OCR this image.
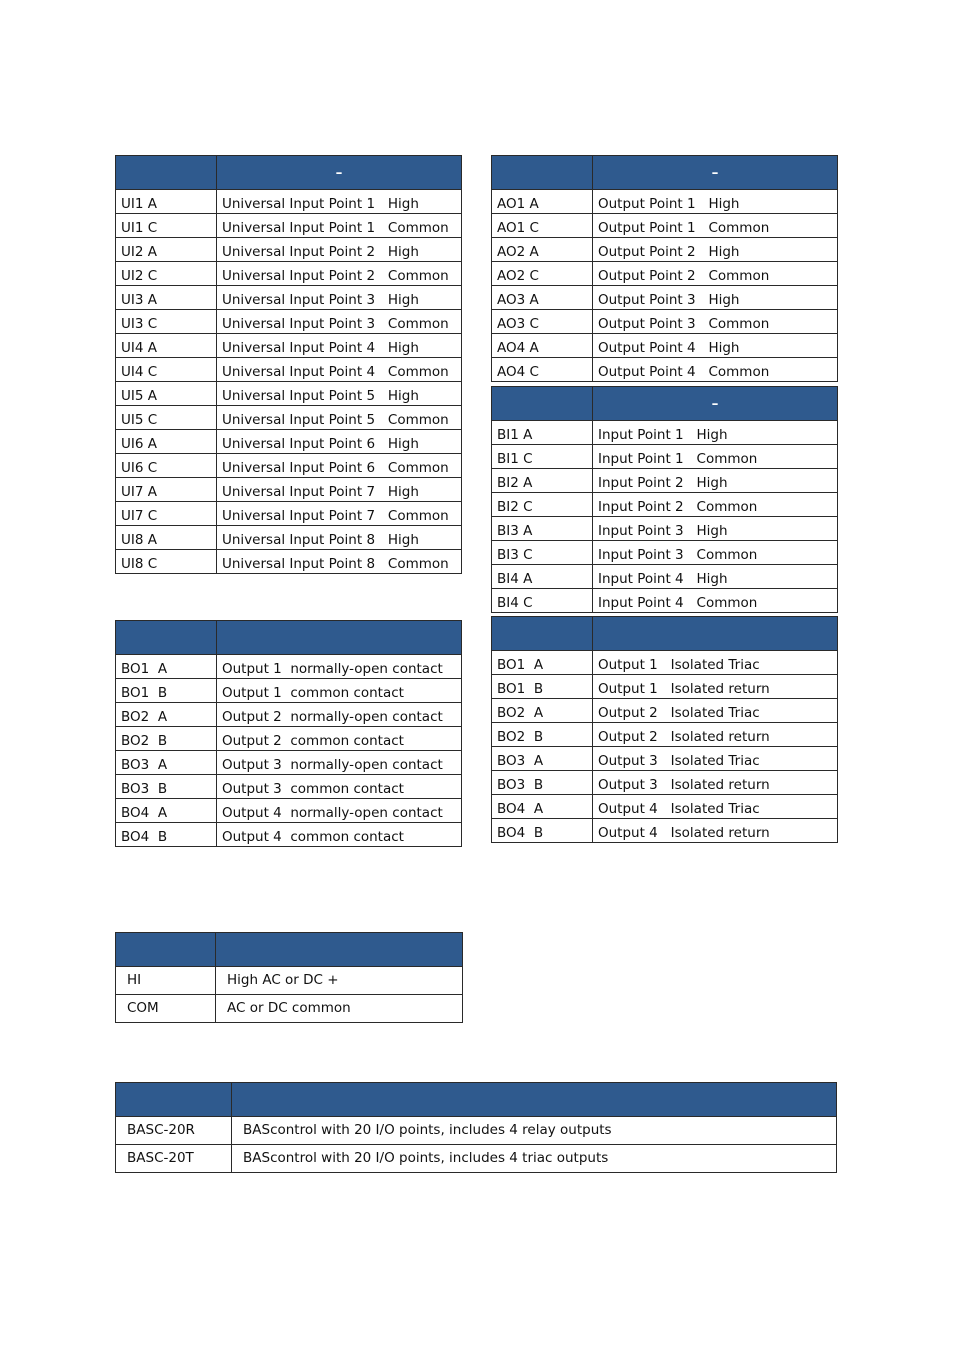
	–
UI1 A	Universal Input Point 1   High
UI1 C	Universal Input Point 1   Common
UI2 A	Universal Input Point 2   High
UI2 C	Universal Input Point 2   Common
UI3 A	Universal Input Point 3   High
UI3 C	Universal Input Point 3   Common
UI4 A	Universal Input Point 4   High
UI4 C	Universal Input Point 4   Common
UI5 A	Universal Input Point 5   High
UI5 C	Universal Input Point 5   Common
UI6 A	Universal Input Point 6   High
UI6 C	Universal Input Point 6   Common
UI7 A	Universal Input Point 7   High
UI7 C	Universal Input Point 7   Common
UI8 A	Universal Input Point 8   High
UI8 C	Universal Input Point 8   Common
	–
AO1 A	Output Point 1   High
AO1 C	Output Point 1   Common
AO2 A	Output Point 2   High
AO2 C	Output Point 2   Common
AO3 A	Output Point 3   High
AO3 C	Output Point 3   Common
AO4 A	Output Point 4   High
AO4 C	Output Point 4   Common
	–
BI1 A	Input Point 1   High
BI1 C	Input Point 1   Common
BI2 A	Input Point 2   High
BI2 C	Input Point 2   Common
BI3 A	Input Point 3   High
BI3 C	Input Point 3   Common
BI4 A	Input Point 4   High
BI4 C	Input Point 4   Common

BO1  A	Output 1  normally-open contact
BO1  B	Output 1  common contact
BO2  A	Output 2  normally-open contact
BO2  B	Output 2  common contact
BO3  A	Output 3  normally-open contact
BO3  B	Output 3  common contact
BO4  A	Output 4  normally-open contact
BO4  B	Output 4  common contact

BO1  A	Output 1   Isolated Triac
BO1  B	Output 1   Isolated return
BO2  A	Output 2   Isolated Triac
BO2  B	Output 2   Isolated return
BO3  A	Output 3   Isolated Triac
BO3  B	Output 3   Isolated return
BO4  A	Output 4   Isolated Triac
BO4  B	Output 4   Isolated return

HI	High AC or DC +
COM	AC or DC common

BASC-20R	BAScontrol with 20 I/O points, includes 4 relay outputs
BASC-20T	BAScontrol with 20 I/O points, includes 4 triac outputs
